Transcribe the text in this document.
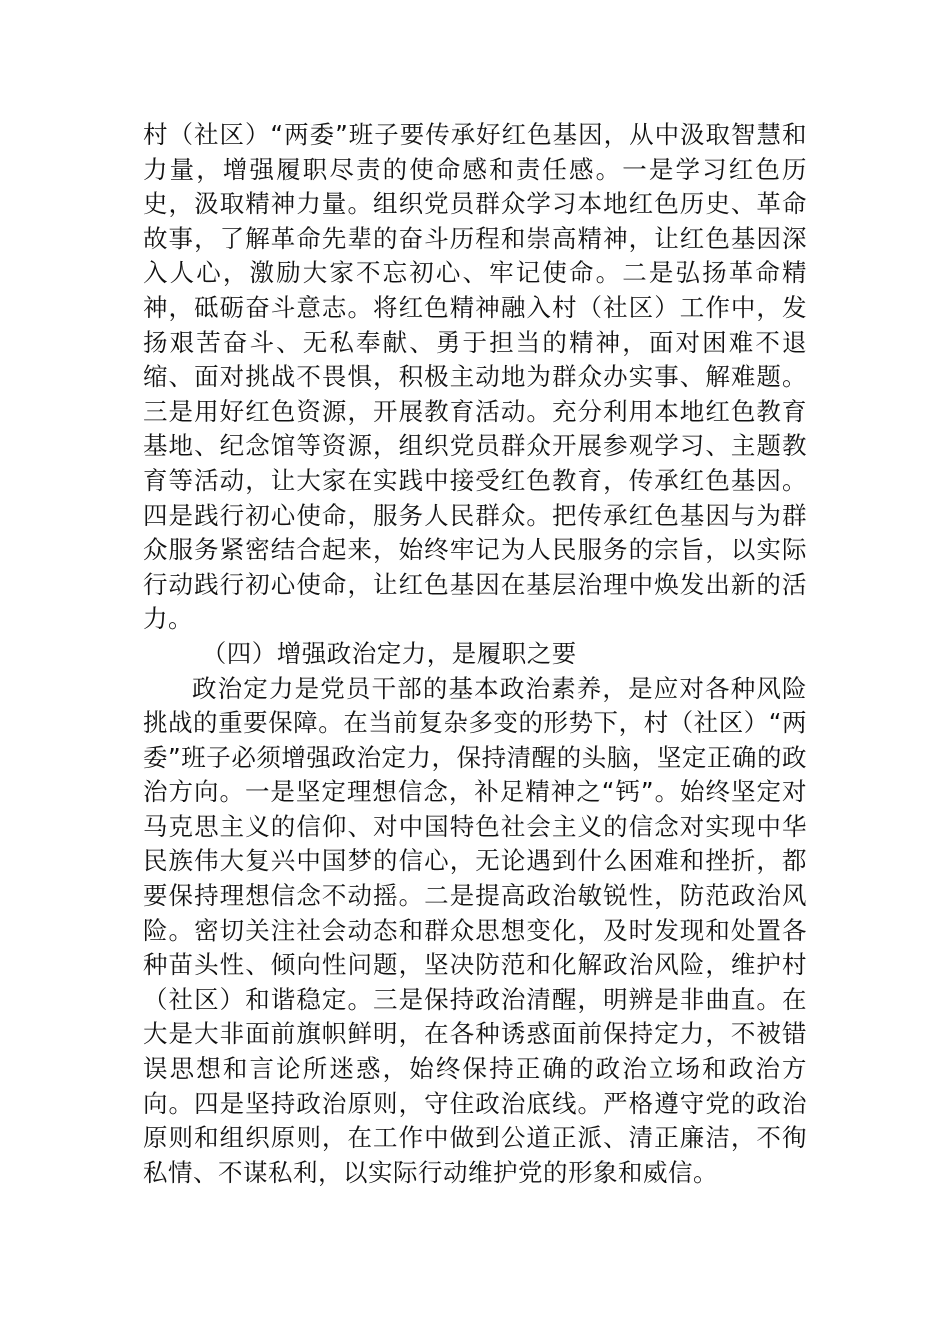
村（社区）“两委”班子要传承好红色基因，从中汲取智慧和力量，增强履职尽责的使命感和责任感。一是学习红色历史，汲取精神力量。组织党员群众学习本地红色历史、革命故事，了解革命先辈的奋斗历程和崇高精神，让红色基因深入人心，激励大家不忘初心、牢记使命。二是弘扬革命精神，砥砺奋斗意志。将红色精神融入村（社区）工作中，发扬艰苦奋斗、无私奉献、勇于担当的精神，面对困难不退缩、面对挑战不畏惧，积极主动地为群众办实事、解难题。三是用好红色资源，开展教育活动。充分利用本地红色教育基地、纪念馆等资源，组织党员群众开展参观学习、主题教育等活动，让大家在实践中接受红色教育，传承红色基因。四是践行初心使命，服务人民群众。把传承红色基因与为群众服务紧密结合起来，始终牢记为人民服务的宗旨，以实际行动践行初心使命，让红色基因在基层治理中焕发出新的活力。

（四）增强政治定力，是履职之要

政治定力是党员干部的基本政治素养，是应对各种风险挑战的重要保障。在当前复杂多变的形势下，村（社区）“两委”班子必须增强政治定力，保持清醒的头脑，坚定正确的政治方向。一是坚定理想信念，补足精神之“钙”。始终坚定对马克思主义的信仰、对中国特色社会主义的信念对实现中华民族伟大复兴中国梦的信心，无论遇到什么困难和挫折，都要保持理想信念不动摇。二是提高政治敏锐性，防范政治风险。密切关注社会动态和群众思想变化，及时发现和处置各种苗头性、倾向性问题，坚决防范和化解政治风险，维护村（社区）和谐稳定。三是保持政治清醒，明辨是非曲直。在大是大非面前旗帜鲜明，在各种诱惑面前保持定力，不被错误思想和言论所迷惑，始终保持正确的政治立场和政治方向。四是坚持政治原则，守住政治底线。严格遵守党的政治原则和组织原则，在工作中做到公道正派、清正廉洁，不徇私情、不谋私利，以实际行动维护党的形象和威信。
